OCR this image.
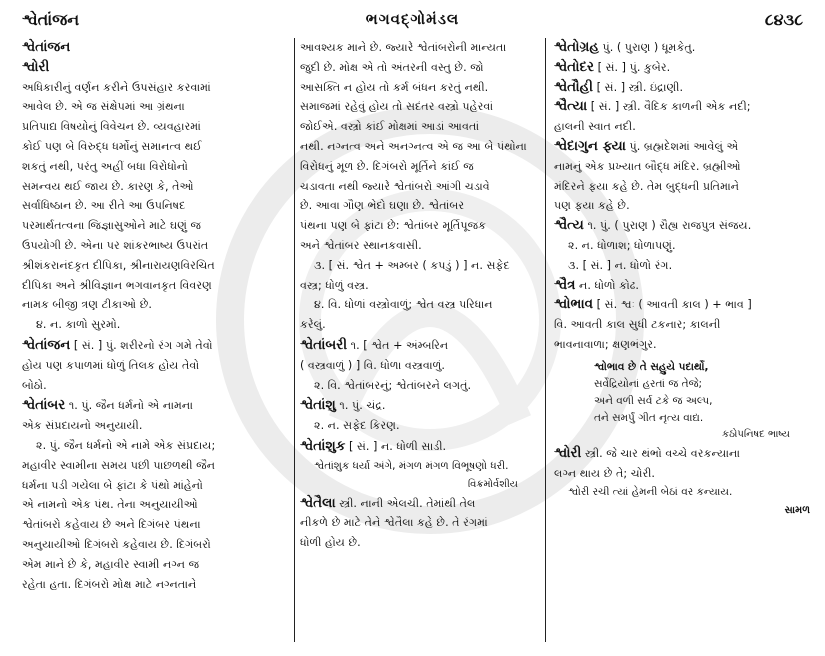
શ્વેતાંજન	ભગવદ્ગોમંડલ	૮૪૩૮
શ્વેતાંજન
શ્વોરી
અધિકારીનું વર્ણન કરીને ઉપસંહાર કરવામાં
આવેલ છે. એ જ સંક્ષેપમાં આ ગ્રંથના
પ્રતિપાદ્ય વિષયોનું વિવેચન છે. વ્યવહારમાં
કોઈ પણ બે વિરુદ્ધ ધર્મોનું સમાનત્વ થઈ
શકતું નથી, પરંતુ અહીં બધા વિરોધોનો
સમન્વય થઈ જાય છે. કારણ કે, તેઓ
સર્વાધિષ્ઠાન છે. આ રીતે આ ઉપનિષદ
પરમાર્થતત્વના જિજ્ઞાસુઓને માટે ઘણું જ
ઉપયોગી છે. એના પર શાંકરભાષ્ય ઉપરાંત
શ્રીશંકરાનંદકૃત દીપિકા, શ્રીનારાયણવિરચિત
દીપિકા અને શ્રીવિજ્ઞાન ભગવાનકૃત વિવરણ
નામક બીજી ત્રણ ટીકાઓ છે.
૪. ન. કાળો સુરમો.
શ્વેતાંજન [ સં. ] પું. શરીરનો રંગ ગમે તેવો
હોય પણ કપાળમાં ધોળું તિલક હોય તેવો
બોઠો.
શ્વેતાંબર ૧. પું. જૈન ધર્મનો એ નામના
એક સંપ્રદાયનો અનુયાયી.
૨. પું. જૈન ધર્મનો એ નામે એક સંપ્રદાય;
મહાવીર સ્વામીના સમય પછી પાછળથી જૈન
ધર્મના પડી ગયેલા બે ફાંટા કે પંથો માંહેનો
એ નામનો એક પંથ. તેના અનુયાયીઓ
શ્વેતાંબરો કહેવાય છે અને દિગંબર પંથના
અનુયાયીઓ દિગંબરો કહેવાય છે. દિગંબરો
એમ માને છે કે, મહાવીર સ્વામી નગ્ન જ
રહેતા હતા. દિગંબરો મોક્ષ માટે નગ્નતાને
આવશ્યક માને છે. જ્યારે શ્વેતાંબરોની માન્યતા
જુદી છે. મોક્ષ એ તો અંતરની વસ્તુ છે. જો
આસક્તિ ન હોય તો કર્મ બંધન કરતું નથી.
સમાજમાં રહેવું હોય તો સદંતર વસ્ત્રો પહેરવાં
જોઈએ. વસ્ત્રો કાંઈ મોક્ષમાં આડાં આવતાં
નથી. નગ્નત્વ અને અનગ્નત્વ એ જ આ બે પંથોના
વિરોધનું મૂળ છે. દિગંબરો મૂર્તિને કાંઈ જ
ચડાવતા નથી જ્યારે શ્વેતાંબરો આંગી ચડાવે
છે. આવા ગૌણ ભેદો ઘણા છે. શ્વેતાંબર
પંથના પણ બે ફાંટા છે: શ્વેતાંબર મૂર્તિપૂજક
અને શ્વેતાંબર સ્થાનકવાસી.
૩. [ સં. શ્વેત + અમ્બર ( કપડું ) ] ન. સફેદ
વસ્ત્ર; ધોળું વસ્ત્ર.
૪. વિ. ધોળાં વસ્ત્રોવાળું; શ્વેત વસ્ત્ર પરિધાન
કરેલું.
શ્વેતાંબરી ૧. [ શ્વેત + અંમ્બરિન
( વસ્ત્રવાળું ) ] વિ. ધોળા વસ્ત્રવાળું.
૨. વિ. શ્વેતાંબરનું; શ્વેતાંબરને લગતું.
શ્વેતાંશુ ૧. પું. ચંદ્ર.
૨. ન. સફેદ કિરણ.
શ્વેતાંશુક [ સં. ] ન. ધોળી સાડી.
શ્વેતાંશુક ધર્યા અંગે, મંગળ મંગળ વિભૂષણો ધરી.
વિક્રમોર્વશીય
શ્વેતૈલા સ્ત્રી. નાની એલચી. તેમાંથી તેલ
નીકળે છે માટે તેને શ્વેતૈલા કહે છે. તે રંગમાં
ધોળી હોય છે.
શ્વેતોગ્રહ પું. ( પુરાણ ) ધૂમકેતુ.
શ્વેતોદર [ સં. ] પું. કુબેર.
શ્વેતૌહી [ સં. ] સ્ત્રી. ઇંદ્રાણી.
શ્વૈત્યા [ સં. ] સ્ત્રી. વૈદિક કાળની એક નદી;
હાલની સ્વાત નદી.
શ્વેદાગુન ફ્યા પું. બ્રહ્મદેશમાં આવેલું એ
નામનું એક પ્રખ્યાત બૌદ્ધ મંદિર. બ્રહ્મીઓ
મંદિરને ફયા કહે છે. તેમ બુદ્ધની પ્રતિમાને
પણ ફયા કહે છે.
શ્વૈત્ય ૧. પું. ( પુરાણ ) રૌહ્ય રાજપુત્ર સંજય.
૨. ન. ધોળાશ; ધોળાપણું.
૩. [ સં. ] ન. ધોળો રંગ.
શ્વૈત્ર ન. ધોળો કોઢ.
શ્વોભાવ [ સં. શ્વઃ ( આવતી કાલ ) + ભાવ ]
વિ. આવતી કાલ સુધી ટકનાર; કાલની
ભાવનાવાળા; ક્ષણભંગુર.
શ્વોભાવ છે તે સહુયે પદાર્થો,
સર્વેદ્રિયોનાં હરતાં જ તેજે;
અને વળી સર્વ ટકે જ અલ્પ,
તને સમર્પું ગીત નૃત્ય વાદ્ય.
કઠોપનિષદ ભાષ્ય
શ્વોરી સ્ત્રી. જે ચાર થંભો વચ્ચે વરકન્યાના
લગ્ન થાય છે તે; ચોરી.
શ્વોરી રચી ત્યાં હેમની બેઠાં વર કન્યાય.
સામળ
